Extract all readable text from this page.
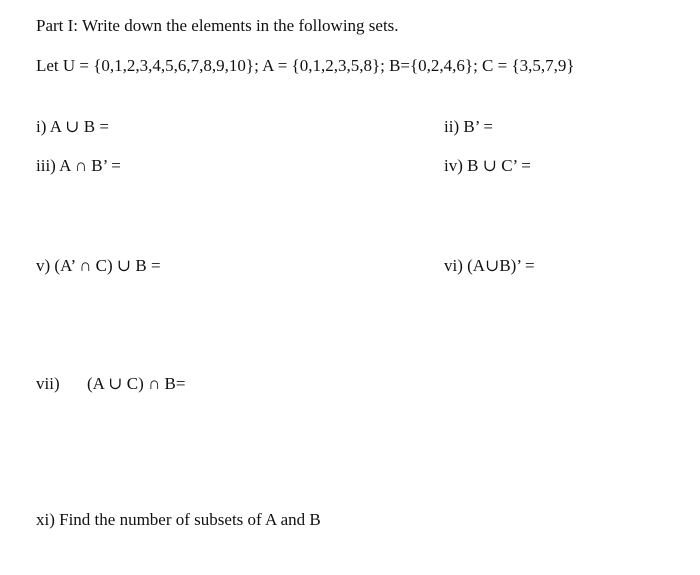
Part I: Write down the elements in the following sets.
Let U = {0,1,2,3,4,5,6,7,8,9,10}; A = {0,1,2,3,5,8}; B={0,2,4,6}; C = {3,5,7,9}
i) A ∪ B =	ii) B’ =
iii) A ∩ B’ =	iv) B ∪ C’ =
v) (A’ ∩ C) ∪ B =	vi) (A∪B)’ =
vii) (A ∪ C) ∩ B=
xi) Find the number of subsets of A and B
